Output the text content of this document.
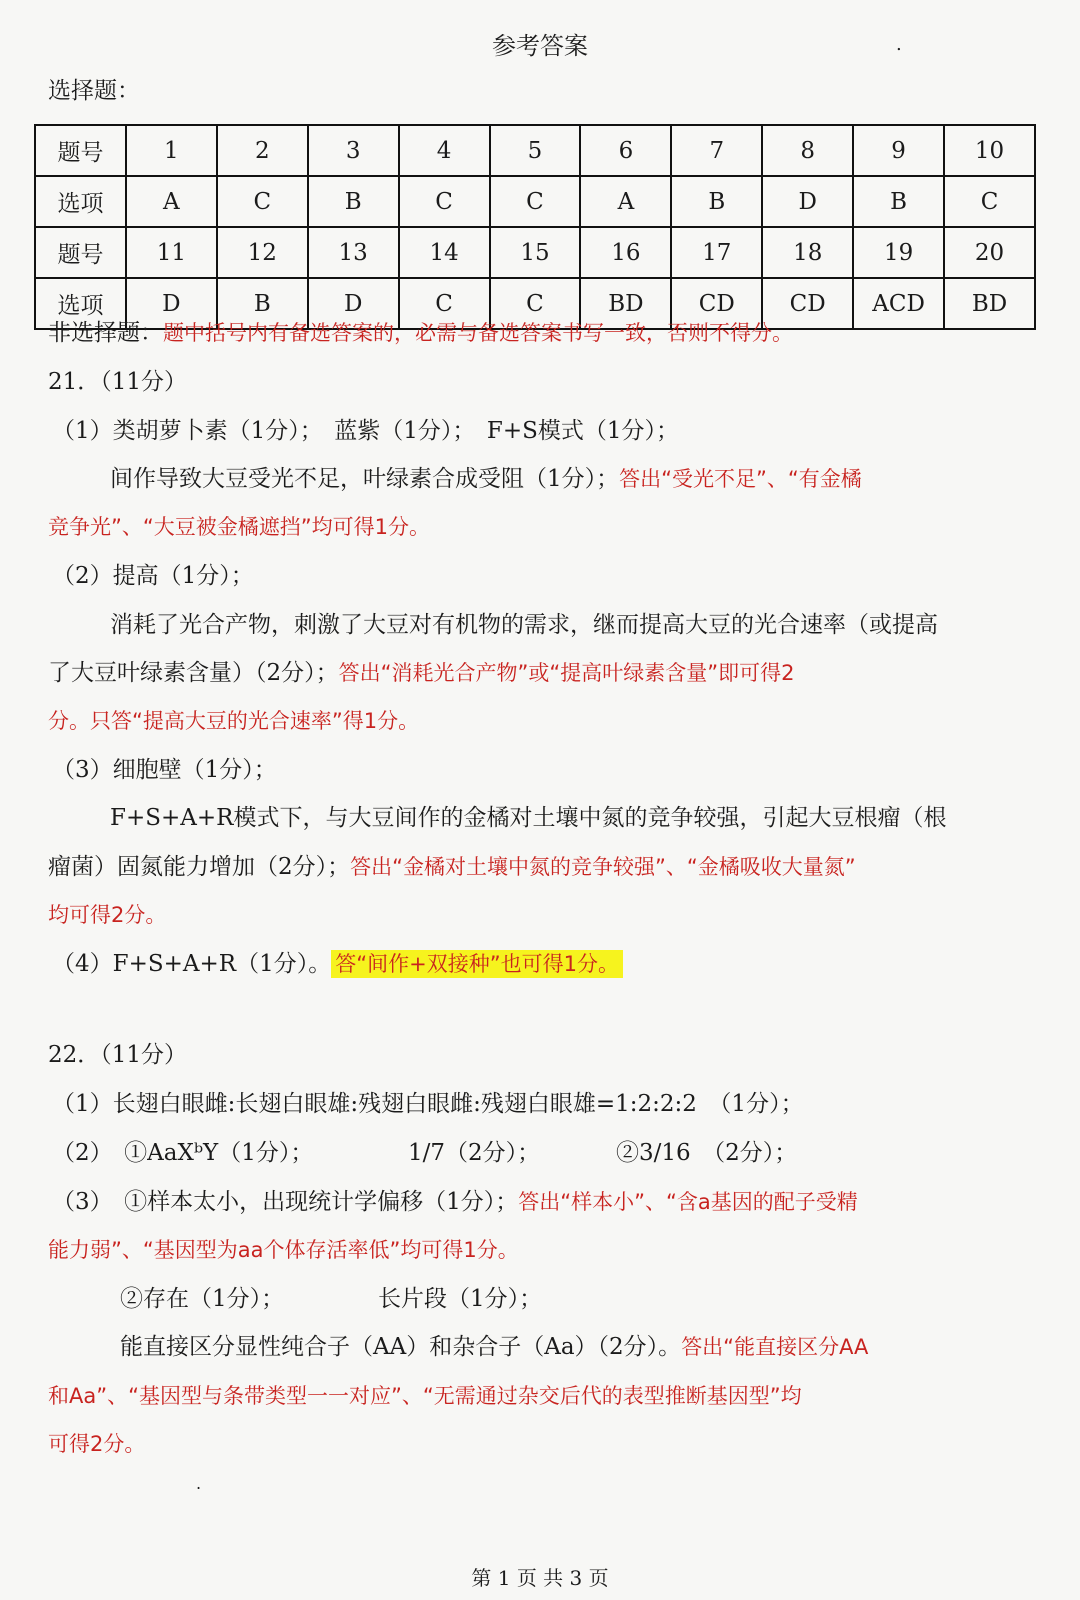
参考答案	.
选择题：
题号	1	2	3	4	5	6	7	8	9	10
选项	A	C	B	C	C	A	B	D	B	C
题号	11	12	13	14	15	16	17	18	19	20
选项	D	B	D	C	C	BD	CD	CD	ACD	BD
非选择题：题中括号内有备选答案的，必需与备选答案书写一致，否则不得分。
21．（11分）
（1）类胡萝卜素（1分）；　蓝紫（1分）；　F+S模式（1分）；
间作导致大豆受光不足，叶绿素合成受阻（1分）；答出“受光不足”、“有金橘
竞争光”、“大豆被金橘遮挡”均可得1分。
（2）提高（1分）；
消耗了光合产物，刺激了大豆对有机物的需求，继而提高大豆的光合速率（或提高
了大豆叶绿素含量）（2分）；答出“消耗光合产物”或“提高叶绿素含量”即可得2
分。只答“提高大豆的光合速率”得1分。
（3）细胞壁（1分）；
F+S+A+R模式下，与大豆间作的金橘对土壤中氮的竞争较强，引起大豆根瘤（根
瘤菌）固氮能力增加（2分）；答出“金橘对土壤中氮的竞争较强”、“金橘吸收大量氮”
均可得2分。
（4）F+S+A+R（1分）。 答“间作+双接种”也可得1分。
22．（11分）
（1）长翅白眼雌:长翅白眼雄:残翅白眼雌:残翅白眼雄=1:2:2:2　（1分）；
（2）　①AaXᵇY（1分）；	1/7（2分）；	②3/16　（2分）；
（3）　①样本太小，出现统计学偏移（1分）；答出“样本小”、“含a基因的配子受精
能力弱”、“基因型为aa个体存活率低”均可得1分。
②存在（1分）；	长片段（1分）；
能直接区分显性纯合子（AA）和杂合子（Aa）（2分）。答出“能直接区分AA
和Aa”、“基因型与条带类型一一对应”、“无需通过杂交后代的表型推断基因型”均
可得2分。
.
第 1 页 共 3 页
